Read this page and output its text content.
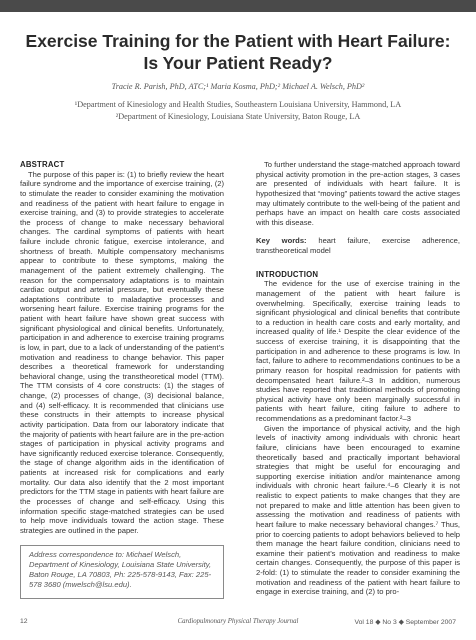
Exercise Training for the Patient with Heart Failure:
Is Your Patient Ready?
Tracie R. Parish, PhD, ATC;¹ Maria Kosma, PhD;² Michael A. Welsch, PhD²
¹Department of Kinesiology and Health Studies, Southeastern Louisiana University, Hammond, LA
²Department of Kinesiology, Louisiana State University, Baton Rouge, LA
ABSTRACT

The purpose of this paper is: (1) to briefly review the heart failure syndrome and the importance of exercise training, (2) to stimulate the reader to consider examining the motivation and readiness of the patient with heart failure to engage in exercise training, and (3) to provide strategies to accelerate the process of change to make necessary behavioral changes. The cardinal symptoms of patients with heart failure include chronic fatigue, exercise intolerance, and shortness of breath. Multiple compensatory mechanisms appear to contribute to these symptoms, making the management of the patient extremely challenging. The reason for the compensatory adaptations is to maintain cardiac output and arterial pressure, but eventually these adaptations contribute to maladaptive processes and worsening heart failure. Exercise training programs for the patient with heart failure have shown great success with significant physiological and clinical benefits. Unfortunately, participation in and adherence to exercise training programs is low, in part, due to a lack of understanding of the patient’s motivation and readiness to change behavior. This paper describes a theoretical framework for understanding behavioral change, using the transtheoretical model (TTM). The TTM consists of 4 core constructs: (1) the stages of change, (2) processes of change, (3) decisional balance, and (4) self-efficacy. It is recommended that clinicians use these constructs in their attempts to increase physical activity participation. Data from our laboratory indicate that the majority of patients with heart failure are in the pre-action stages of participation in physical activity programs and have significantly reduced exercise tolerance. Consequently, the stage of change algorithm aids in the identification of patients at increased risk for complications and early mortality. Our data also identify that the 2 most important predictors for the TTM stage in patients with heart failure are the processes of change and self-efficacy. Using this information specific stage-matched strategies can be used to help move individuals toward the action stage. These strategies are outlined in the paper.

Address correspondence to: Michael Welsch, Department of Kinesiology, Louisiana State University, Baton Rouge, LA 70803, Ph: 225-578-9143, Fax: 225-578 3680 (mwelsch@lsu.edu).

To further understand the stage-matched approach toward physical activity promotion in the pre-action stages, 3 cases are presented of individuals with heart failure. It is hypothesized that “moving” patients toward the active stages may ultimately contribute to the well-being of the patient and perhaps have an impact on health care costs associated with this disease.

Key words: heart failure, exercise adherence, transtheoretical model

INTRODUCTION

The evidence for the use of exercise training in the management of the patient with heart failure is overwhelming. Specifically, exercise training leads to significant physiological and clinical benefits that contribute to a reduction in health care costs and early mortality, and increased quality of life.¹ Despite the clear evidence of the success of exercise training, it is disappointing that the participation in and adherence to these programs is low. In fact, failure to adhere to recommendations continues to be a primary reason for hospital readmission for patients with decompensated heart failure.²–3 In addition, numerous studies have reported that traditional methods of promoting physical activity have only been marginally successful in patients with heart failure, citing failure to adhere to recommendations as a predominant factor.²–3

Given the importance of physical activity, and the high levels of inactivity among individuals with chronic heart failure, clinicians have been encouraged to examine theoretically based and practically important behavioral strategies that might be useful for encouraging and supporting exercise initiation and/or maintenance among individuals with chronic heart failure.⁴–6 Clearly it is not realistic to expect patients to make changes that they are not prepared to make and little attention has been given to assessing the motivation and readiness of patients with heart failure to make necessary behavioral changes.⁷ Thus, prior to coercing patients to adopt behaviors believed to help them manage the heart failure condition, clinicians need to examine their patient’s motivation and readiness to make certain changes. Consequently, the purpose of this paper is 2-fold: (1) to stimulate the reader to consider examining the motivation and readiness of the patient with heart failure to engage in exercise training, and (2) to pro-

12	Cardiopulmonary Physical Therapy Journal	Vol 18 ◆ No 3 ◆ September 2007
